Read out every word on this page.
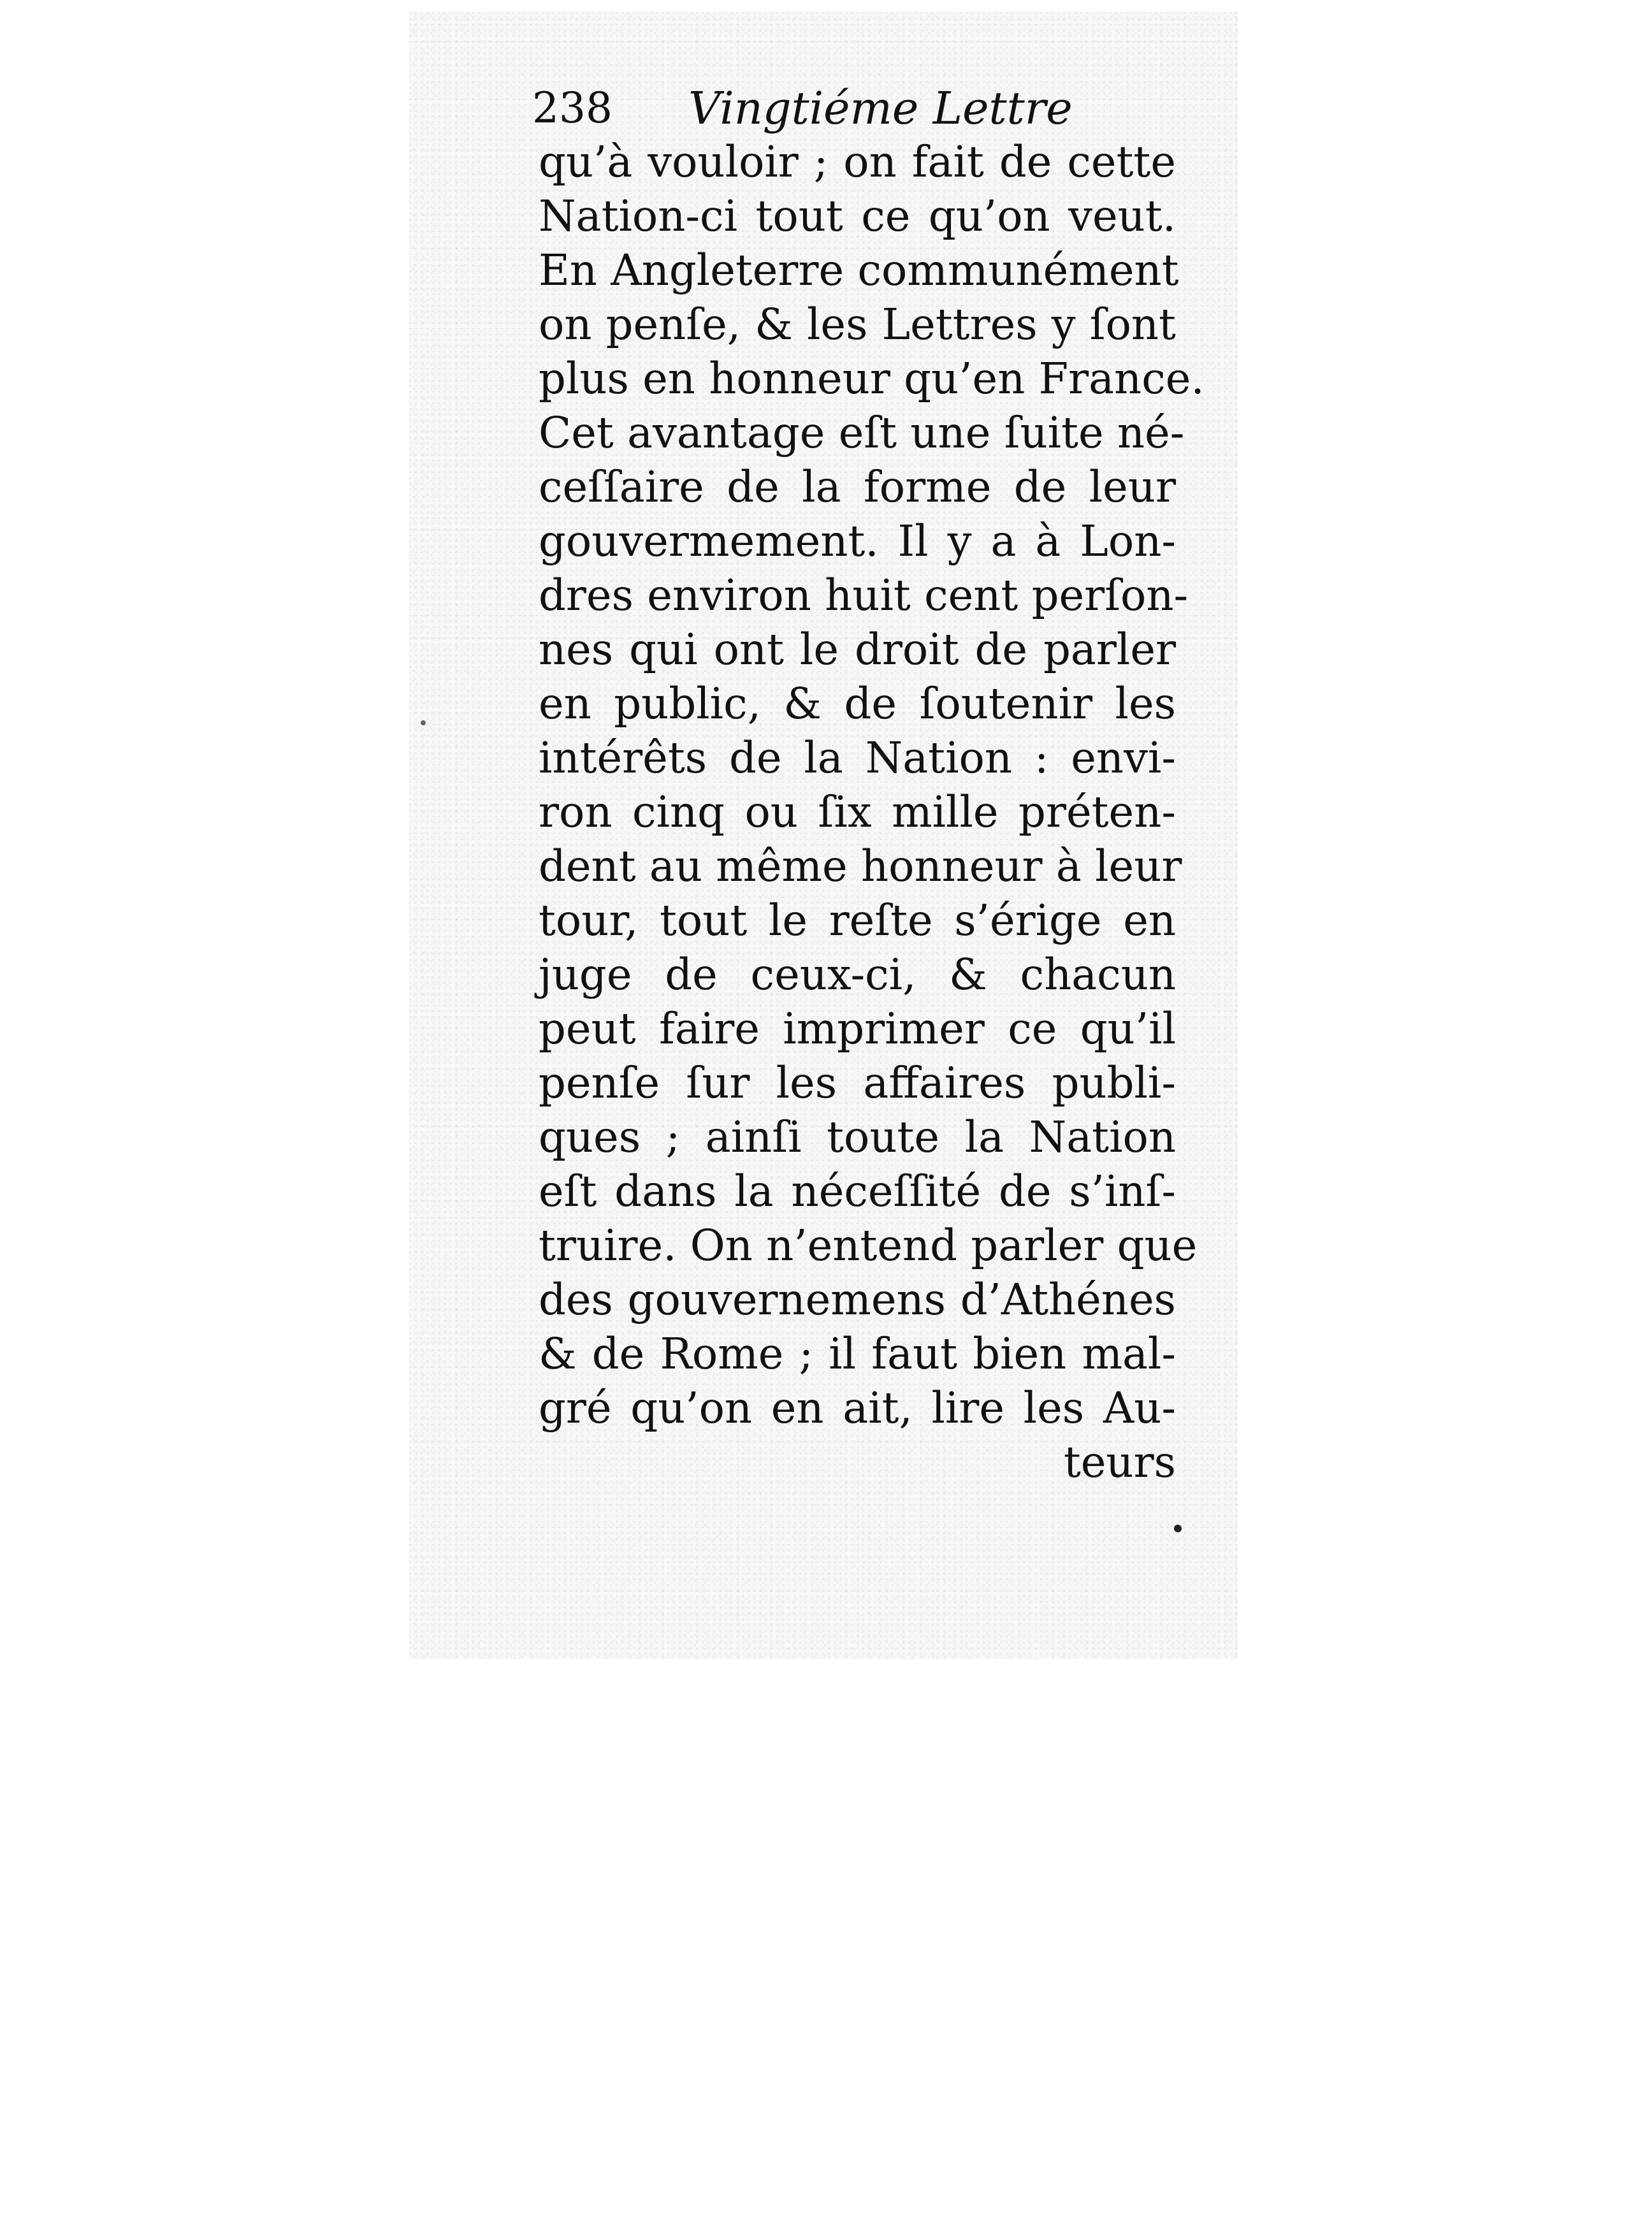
238 Vingtiéme Lettre
qu’à vouloir ; on fait de cette
Nation-ci tout ce qu’on veut.
En Angleterre communément
on penſe, & les Lettres y ſont
plus en honneur qu’en France.
Cet avantage eſt une ſuite né-
ceſſaire de la forme de leur
gouvermement. Il y a à Lon-
dres environ huit cent perſon-
nes qui ont le droit de parler
en public, & de ſoutenir les
intérêts de la Nation : envi-
ron cinq ou ſix mille préten-
dent au même honneur à leur
tour, tout le reſte s’érige en
juge de ceux-ci, & chacun
peut faire imprimer ce qu’il
penſe ſur les affaires publi-
ques ; ainſi toute la Nation
eſt dans la néceſſité de s’inſ-
truire. On n’entend parler que
des gouvernemens d’Athénes
& de Rome ; il faut bien mal-
gré qu’on en ait, lire les Au-
teurs
